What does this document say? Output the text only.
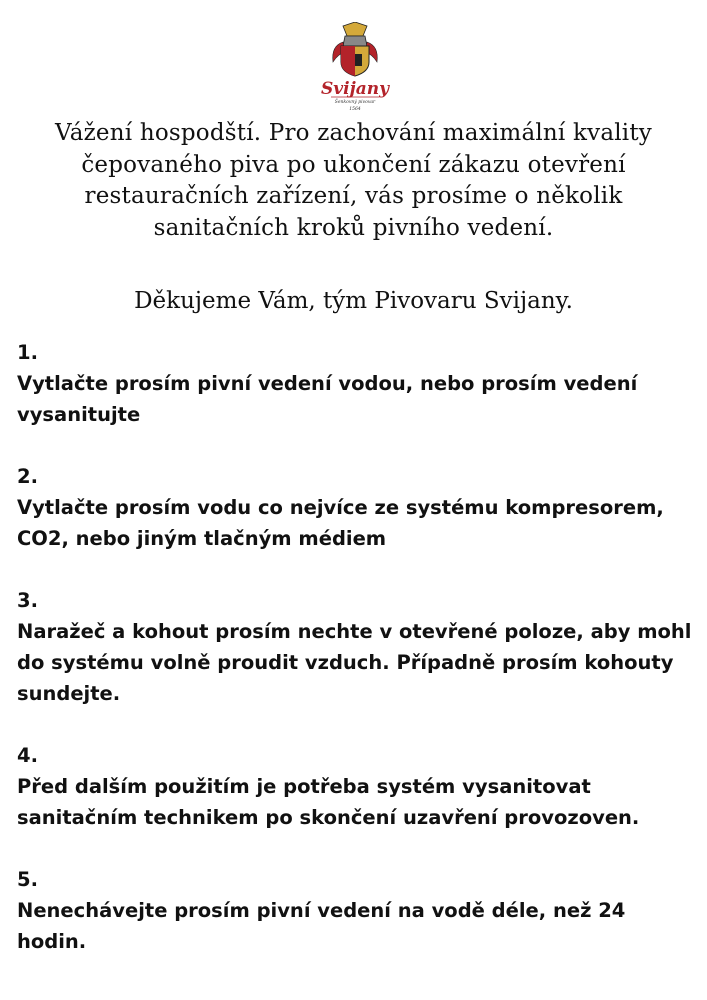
Svijany
Šenkovný pivovar
1564
Vážení hospodští. Pro zachování maximální kvality čepovaného piva po ukončení zákazu otevření restauračních zařízení, vás prosíme o několik sanitačních kroků pivního vedení.
Děkujeme Vám, tým Pivovaru Svijany.
1.
Vytlačte prosím pivní vedení vodou, nebo prosím vedení vysanitujte
2.
Vytlačte prosím vodu co nejvíce ze systému kompresorem, CO2, nebo jiným tlačným médiem
3.
Naražeč a kohout prosím nechte v otevřené poloze, aby mohl do systému volně proudit vzduch. Případně prosím kohouty sundejte.
4.
Před dalším použitím je potřeba systém vysanitovat sanitačním technikem po skončení uzavření provozoven.
5.
Nenechávejte prosím pivní vedení na vodě déle, než 24 hodin.
